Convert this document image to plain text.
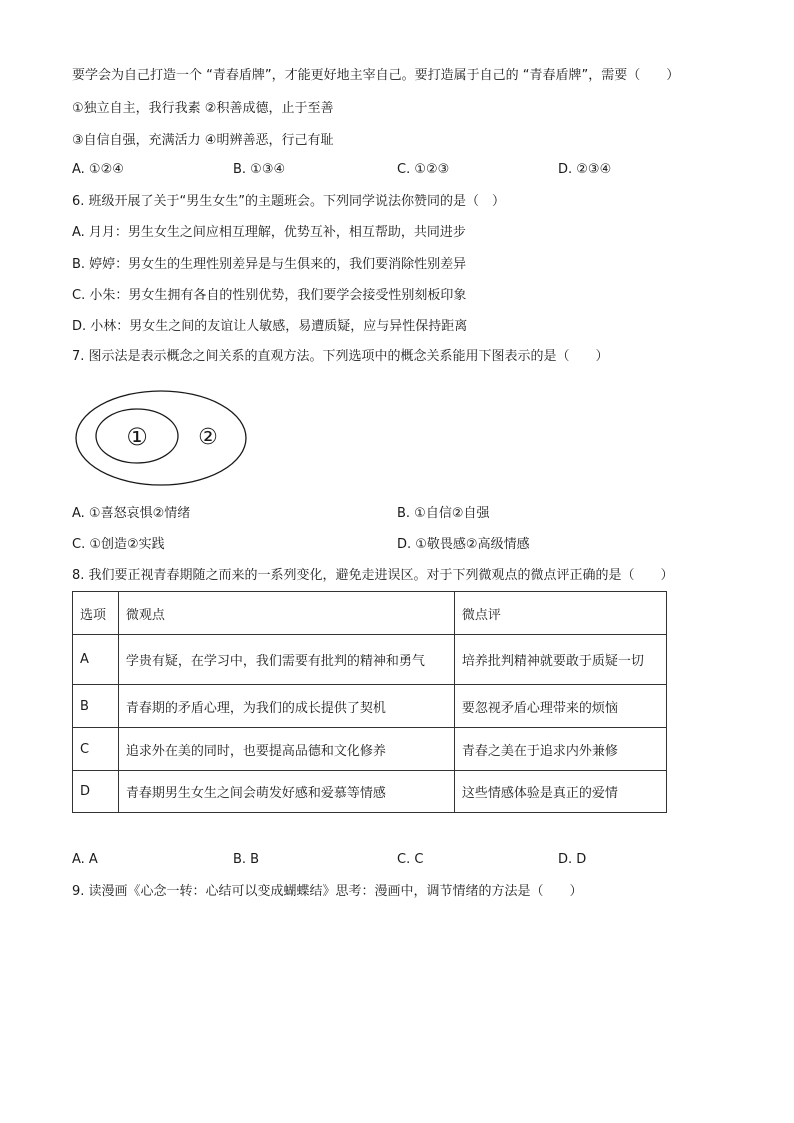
要学会为自己打造一个 “青春盾牌”，才能更好地主宰自己。要打造属于自己的 “青春盾牌”，需要（　　）
①独立自主，我行我素 ②积善成德，止于至善
③自信自强，充满活力 ④明辨善恶，行己有耻
A. ①②④	B. ①③④	C. ①②③	D. ②③④
6. 班级开展了关于“男生女生”的主题班会。下列同学说法你赞同的是（　）
A. 月月：男生女生之间应相互理解，优势互补，相互帮助，共同进步
B. 婷婷：男女生的生理性别差异是与生俱来的，我们要消除性别差异
C. 小朱：男女生拥有各自的性别优势，我们要学会接受性别刻板印象
D. 小林：男女生之间的友谊让人敏感，易遭质疑，应与异性保持距离
7. 图示法是表示概念之间关系的直观方法。下列选项中的概念关系能用下图表示的是（　　）
① ②
A. ①喜怒哀惧②情绪	B. ①自信②自强
C. ①创造②实践	D. ①敬畏感②高级情感
8. 我们要正视青春期随之而来的一系列变化，避免走进误区。对于下列微观点的微点评正确的是（　　）
选项	微观点	微点评
A	学贵有疑，在学习中，我们需要有批判的精神和勇气	培养批判精神就要敢于质疑一切
B	青春期的矛盾心理，为我们的成长提供了契机	要忽视矛盾心理带来的烦恼
C	追求外在美的同时，也要提高品德和文化修养	青春之美在于追求内外兼修
D	青春期男生女生之间会萌发好感和爱慕等情感	这些情感体验是真正的爱情
A. A	B. B	C. C	D. D
9. 读漫画《心念一转：心结可以变成蝴蝶结》思考：漫画中，调节情绪的方法是（　　）
